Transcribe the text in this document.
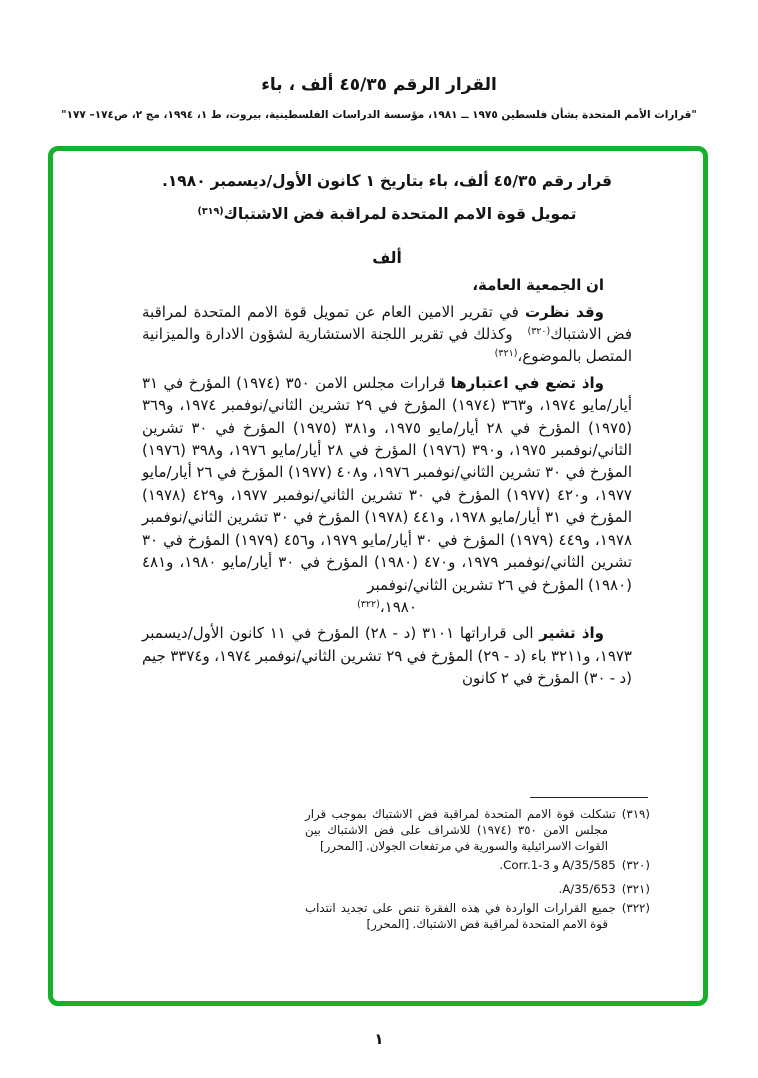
القرار الرقم ٤٥/٣٥ ألف ، باء
"قرارات الأمم المتحدة بشأن فلسطين ١٩٧٥ ــ ١٩٨١، مؤسسة الدراسات الفلسطينية، بيروت، ط ١، ١٩٩٤، مج ٢، ص١٧٤– ١٧٧"
قرار رقم ٤٥/٣٥ ألف، باء بتاريخ ١ كانون الأول/ديسمبر ١٩٨٠.
تمويل قوة الامم المتحدة لمراقبة فض الاشتباك$^{(٣١٩)}$
ألف

ان الجمعية العامة،

وقد نظرت في تقرير الامين العام عن تمويل قوة الامم المتحدة لمراقبة فض الاشتباك$^{(٣٢٠)}$   وكذلك في تقرير اللجنة الاستشارية لشؤون الادارة والميزانية المتصل بالموضوع،$^{(٣٢١)}$

واذ تضع في اعتبارها قرارات مجلس الامن ٣٥٠ (١٩٧٤) المؤرخ في ٣١ أيار/مايو ١٩٧٤، و٣٦٣ (١٩٧٤) المؤرخ في ٢٩ تشرين الثاني/نوفمبر ١٩٧٤، و٣٦٩ (١٩٧٥) المؤرخ في ٢٨ أيار/مايو ١٩٧٥، و٣٨١ (١٩٧٥) المؤرخ في ٣٠ تشرين الثاني/نوفمبر ١٩٧٥، و٣٩٠ (١٩٧٦) المؤرخ في ٢٨ أيار/مايو ١٩٧٦، و٣٩٨ (١٩٧٦) المؤرخ في ٣٠ تشرين الثاني/نوفمبر ١٩٧٦، و٤٠٨ (١٩٧٧) المؤرخ في ٢٦ أيار/مايو ١٩٧٧، و٤٢٠ (١٩٧٧) المؤرخ في ٣٠ تشرين الثاني/نوفمبر ١٩٧٧، و٤٢٩ (١٩٧٨) المؤرخ في ٣١ أيار/مايو ١٩٧٨، و٤٤١ (١٩٧٨) المؤرخ في ٣٠ تشرين الثاني/نوفمبر ١٩٧٨، و٤٤٩ (١٩٧٩) المؤرخ في ٣٠ أيار/مايو ١٩٧٩، و٤٥٦ (١٩٧٩) المؤرخ في ٣٠ تشرين الثاني/نوفمبر ١٩٧٩، و٤٧٠ (١٩٨٠) المؤرخ في ٣٠ أيار/مايو ١٩٨٠، و٤٨١ (١٩٨٠) المؤرخ في ٢٦ تشرين الثاني/نوفمبر

١٩٨٠،$^{(٣٢٢)}$

واذ تشير الى قراراتها ٣١٠١ (د - ٢٨) المؤرخ في ١١ كانون الأول/ديسمبر ١٩٧٣، و٣٢١١ باء (د - ٢٩) المؤرخ في ٢٩ تشرين الثاني/نوفمبر ١٩٧٤، و٣٣٧٤ جيم (د - ٣٠) المؤرخ في ٢ كانون

(٣١٩)تشكلت قوة الامم المتحدة لمراقبة فض الاشتباك بموجب قرار مجلس الامن ٣٥٠ (١٩٧٤) للاشراف على فض الاشتباك بين القوات الاسرائيلية والسورية في مرتفعات الجولان. [المحرر]
(٣٢٠)A/35/585 و Corr.1-3.
(٣٢١)A/35/653.
(٣٢٢)جميع القرارات الواردة في هذه الفقرة تنص على تجديد انتداب قوة الامم المتحدة لمراقبة فض الاشتباك. [المحرر]
١
